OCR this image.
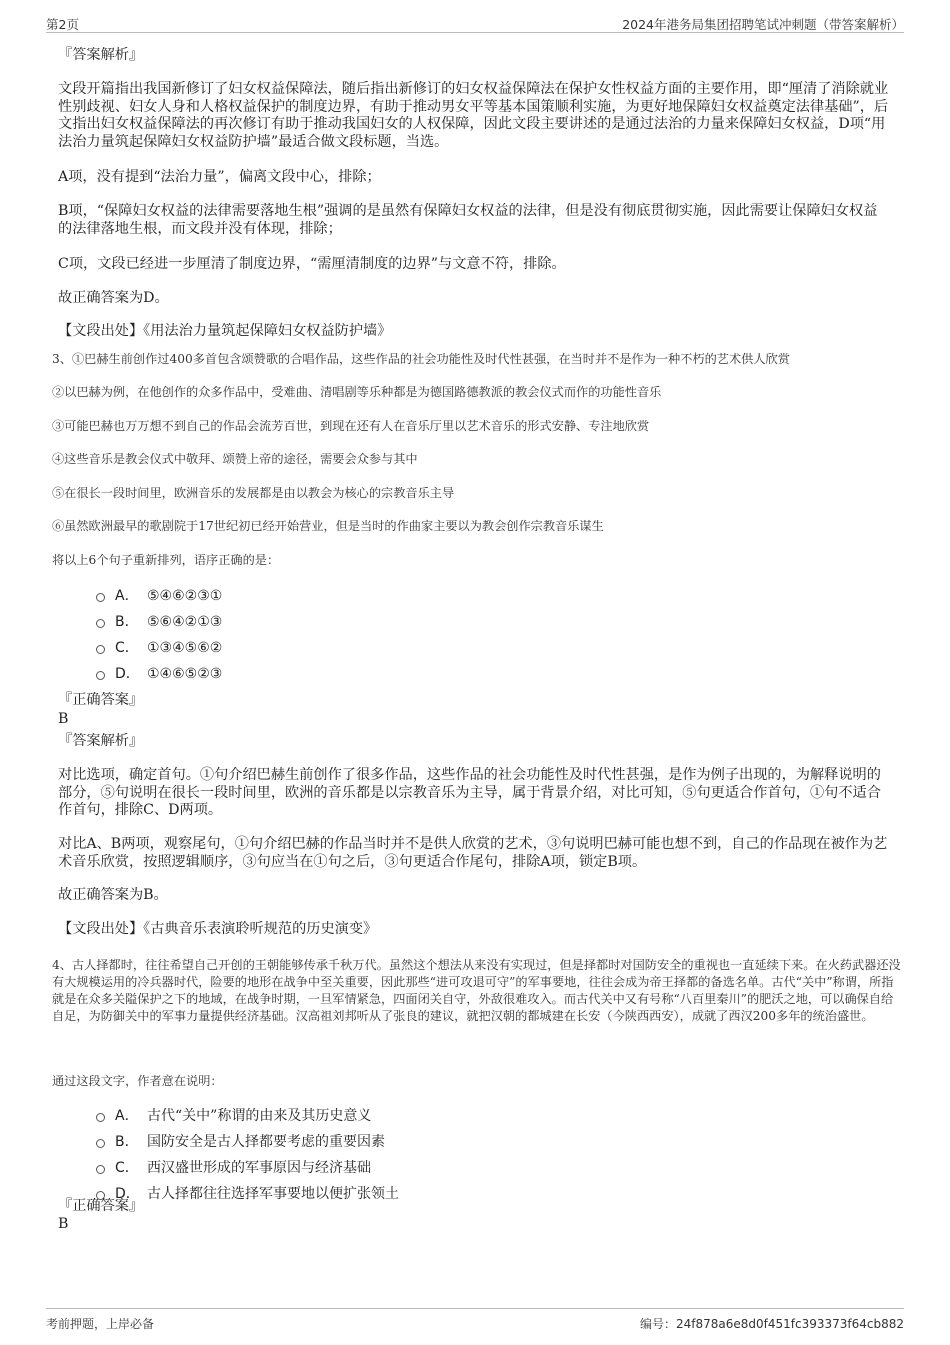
第2页	2024年港务局集团招聘笔试冲刺题（带答案解析）
『答案解析』
文段开篇指出我国新修订了妇女权益保障法，随后指出新修订的妇女权益保障法在保护女性权益方面的主要作用，即“厘清了消除就业性别歧视、妇女人身和人格权益保护的制度边界，有助于推动男女平等基本国策顺利实施，为更好地保障妇女权益奠定法律基础”，后文指出妇女权益保障法的再次修订有助于推动我国妇女的人权保障，因此文段主要讲述的是通过法治的力量来保障妇女权益，D项“用法治力量筑起保障妇女权益防护墙”最适合做文段标题，当选。
A项，没有提到“法治力量”，偏离文段中心，排除；
B项，“保障妇女权益的法律需要落地生根”强调的是虽然有保障妇女权益的法律，但是没有彻底贯彻实施，因此需要让保障妇女权益的法律落地生根，而文段并没有体现，排除；
C项，文段已经进一步厘清了制度边界，“需厘清制度的边界”与文意不符，排除。
故正确答案为D。
【文段出处】《用法治力量筑起保障妇女权益防护墙》
3、①巴赫生前创作过400多首包含颂赞歌的合唱作品，这些作品的社会功能性及时代性甚强，在当时并不是作为一种不朽的艺术供人欣赏
②以巴赫为例，在他创作的众多作品中，受难曲、清唱剧等乐种都是为德国路德教派的教会仪式而作的功能性音乐
③可能巴赫也万万想不到自己的作品会流芳百世，到现在还有人在音乐厅里以艺术音乐的形式安静、专注地欣赏
④这些音乐是教会仪式中敬拜、颂赞上帝的途径，需要会众参与其中
⑤在很长一段时间里，欧洲音乐的发展都是由以教会为核心的宗教音乐主导
⑥虽然欧洲最早的歌剧院于17世纪初已经开始营业，但是当时的作曲家主要以为教会创作宗教音乐谋生
将以上6个句子重新排列，语序正确的是：
A． ⑤④⑥②③①
B． ⑤⑥④②①③
C． ①③④⑤⑥②
D． ①④⑥⑤②③
『正确答案』
B
『答案解析』
对比选项，确定首句。①句介绍巴赫生前创作了很多作品，这些作品的社会功能性及时代性甚强，是作为例子出现的，为解释说明的部分，⑤句说明在很长一段时间里，欧洲的音乐都是以宗教音乐为主导，属于背景介绍，对比可知，⑤句更适合作首句，①句不适合作首句，排除C、D两项。
对比A、B两项，观察尾句，①句介绍巴赫的作品当时并不是供人欣赏的艺术，③句说明巴赫可能也想不到，自己的作品现在被作为艺术音乐欣赏，按照逻辑顺序，③句应当在①句之后，③句更适合作尾句，排除A项，锁定B项。
故正确答案为B。
【文段出处】《古典音乐表演聆听规范的历史演变》
4、古人择都时，往往希望自己开创的王朝能够传承千秋万代。虽然这个想法从来没有实现过，但是择都时对国防安全的重视也一直延续下来。在火药武器还没有大规模运用的冷兵器时代，险要的地形在战争中至关重要，因此那些“进可攻退可守”的军事要地，往往会成为帝王择都的备选名单。古代“关中”称谓，所指就是在众多关隘保护之下的地域，在战争时期，一旦军情紧急，四面闭关自守，外敌很难攻入。而古代关中又有号称“八百里秦川”的肥沃之地，可以确保自给自足，为防御关中的军事力量提供经济基础。汉高祖刘邦听从了张良的建议，就把汉朝的都城建在长安（今陕西西安），成就了西汉200多年的统治盛世。
通过这段文字，作者意在说明：
A． 古代“关中”称谓的由来及其历史意义
B． 国防安全是古人择都要考虑的重要因素
C． 西汉盛世形成的军事原因与经济基础
D． 古人择都往往选择军事要地以便扩张领土
『正确答案』
B
考前押题，上岸必备	编号：24f878a6e8d0f451fc393373f64cb882
